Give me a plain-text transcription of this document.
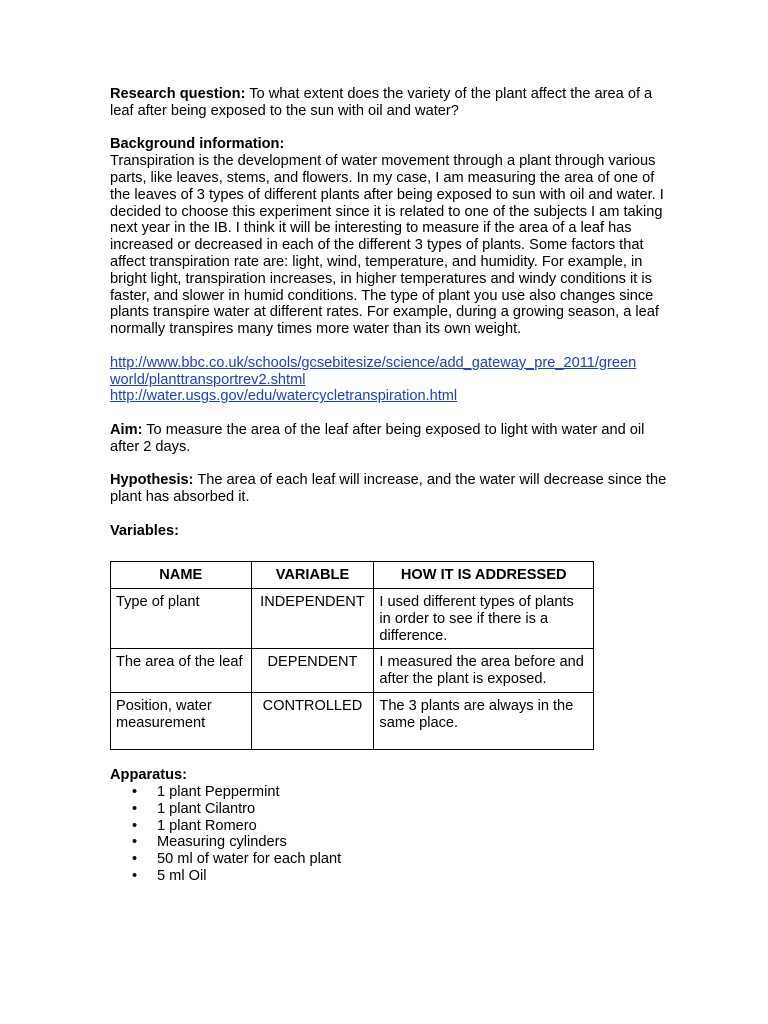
Research question: To what extent does the variety of the plant affect the area of a leaf after being exposed to the sun with oil and water?

Background information:

Transpiration is the development of water movement through a plant through various parts, like leaves, stems, and flowers. In my case, I am measuring the area of one of the leaves of 3 types of different plants after being exposed to sun with oil and water. I decided to choose this experiment since it is related to one of the subjects I am taking next year in the IB. I think it will be interesting to measure if the area of a leaf has increased or decreased in each of the different 3 types of plants. Some factors that affect transpiration rate are: light, wind, temperature, and humidity. For example, in bright light, transpiration increases, in higher temperatures and windy conditions it is faster, and slower in humid conditions. The type of plant you use also changes since plants transpire water at different rates. For example, during a growing season, a leaf normally transpires many times more water than its own weight.

http://www.bbc.co.uk/schools/gcsebitesize/science/add_gateway_pre_2011/greenworld/planttransportrev2.shtml
http://water.usgs.gov/edu/watercycletranspiration.html

Aim: To measure the area of the leaf after being exposed to light with water and oil after 2 days.

Hypothesis: The area of each leaf will increase, and the water will decrease since the plant has absorbed it.

Variables:

NAME	VARIABLE	HOW IT IS ADDRESSED
Type of plant	INDEPENDENT	I used different types of plants in order to see if there is a difference.
The area of the leaf	DEPENDENT	I measured the area before and after the plant is exposed.
Position, water measurement	CONTROLLED	The 3 plants are always in the same place.

Apparatus:

• 1 plant Peppermint
• 1 plant Cilantro
• 1 plant Romero
• Measuring cylinders
• 50 ml of water for each plant
• 5 ml Oil
